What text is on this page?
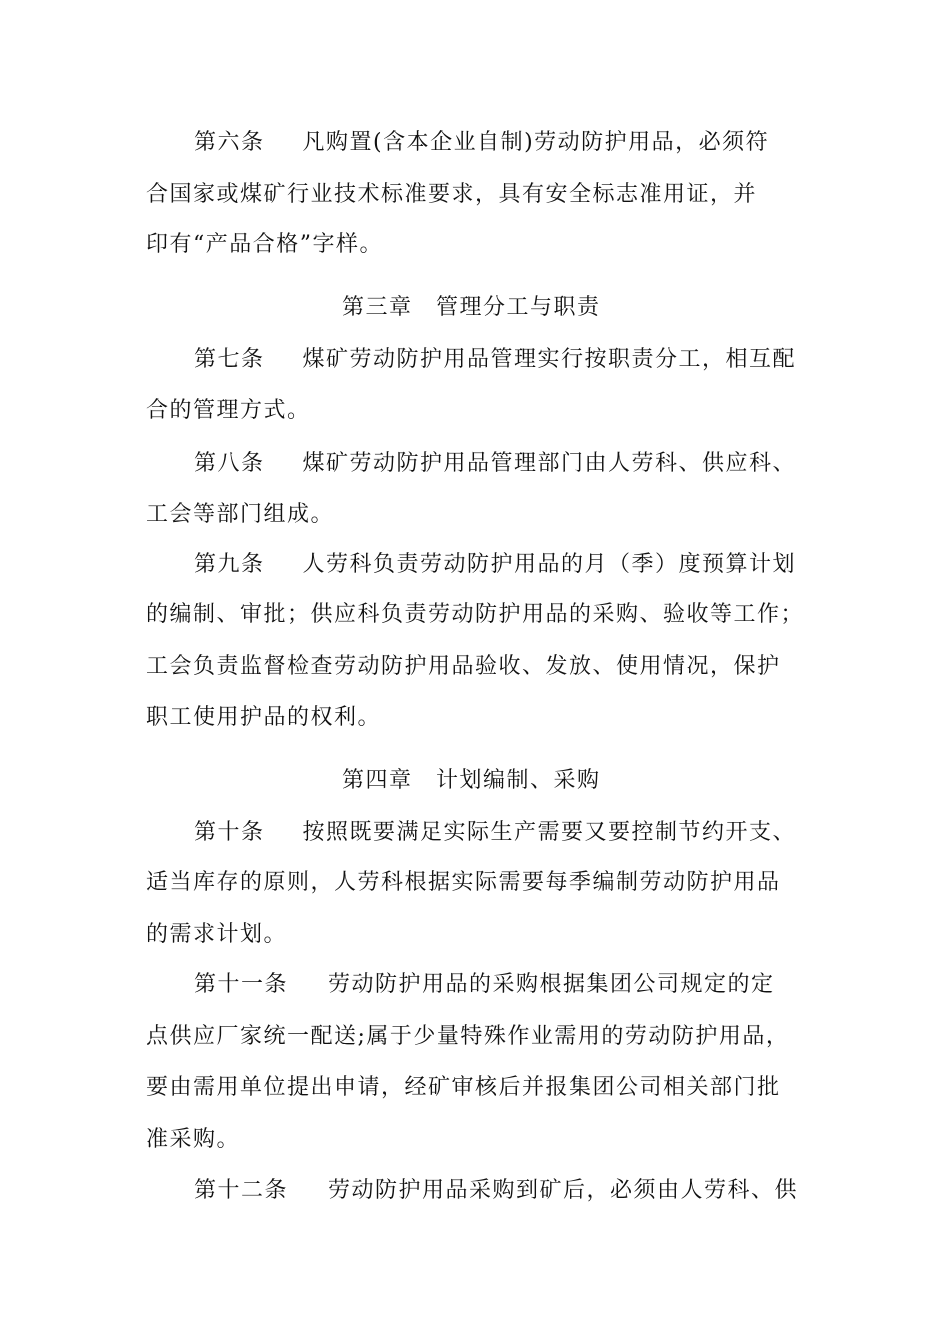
第六条 凡购置(含本企业自制)劳动防护用品，必须符
合国家或煤矿行业技术标准要求，具有安全标志准用证，并
印有“产品合格”字样。
第三章　管理分工与职责
第七条 煤矿劳动防护用品管理实行按职责分工，相互配
合的管理方式。
第八条 煤矿劳动防护用品管理部门由人劳科、供应科、
工会等部门组成。
第九条 人劳科负责劳动防护用品的月（季）度预算计划
的编制、审批；供应科负责劳动防护用品的采购、验收等工作；
工会负责监督检查劳动防护用品验收、发放、使用情况，保护
职工使用护品的权利。
第四章　计划编制、采购
第十条 按照既要满足实际生产需要又要控制节约开支、
适当库存的原则，人劳科根据实际需要每季编制劳动防护用品
的需求计划。
第十一条 劳动防护用品的采购根据集团公司规定的定
点供应厂家统一配送;属于少量特殊作业需用的劳动防护用品，
要由需用单位提出申请，经矿审核后并报集团公司相关部门批
准采购。
第十二条 劳动防护用品采购到矿后，必须由人劳科、供
